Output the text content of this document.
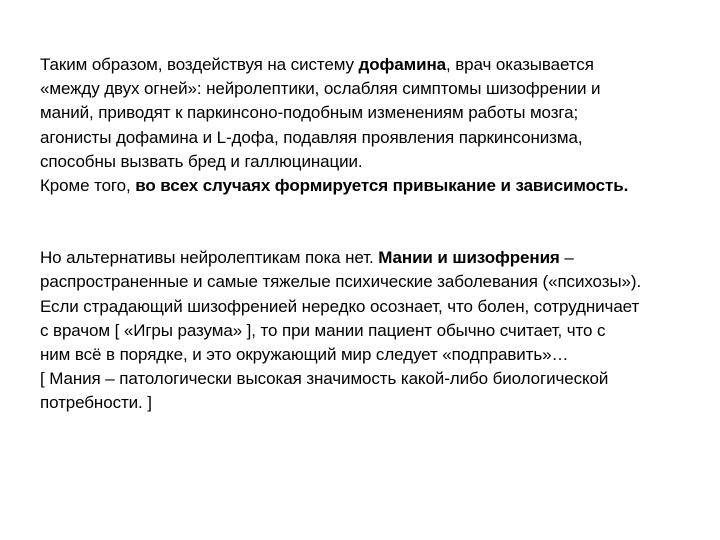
Таким образом, воздействуя на систему дофамина, врач оказывается
«между двух огней»: нейролептики, ослабляя симптомы шизофрении и
маний, приводят к паркинсоно-подобным изменениям работы мозга;
агонисты дофамина и L-дофа, подавляя проявления паркинсонизма,
способны вызвать бред и галлюцинации.
Кроме того, во всех случаях формируется привыкание и зависимость.

Но альтернативы нейролептикам пока нет. Мании и шизофрения –
распространенные и самые тяжелые психические заболевания («психозы»).
Если страдающий шизофренией нередко осознает, что болен, сотрудничает
с врачом [ «Игры разума» ], то при мании пациент обычно считает, что с
ним всё в порядке, и это окружающий мир следует «подправить»…
[ Мания – патологически высокая значимость какой-либо биологической
потребности. ]
